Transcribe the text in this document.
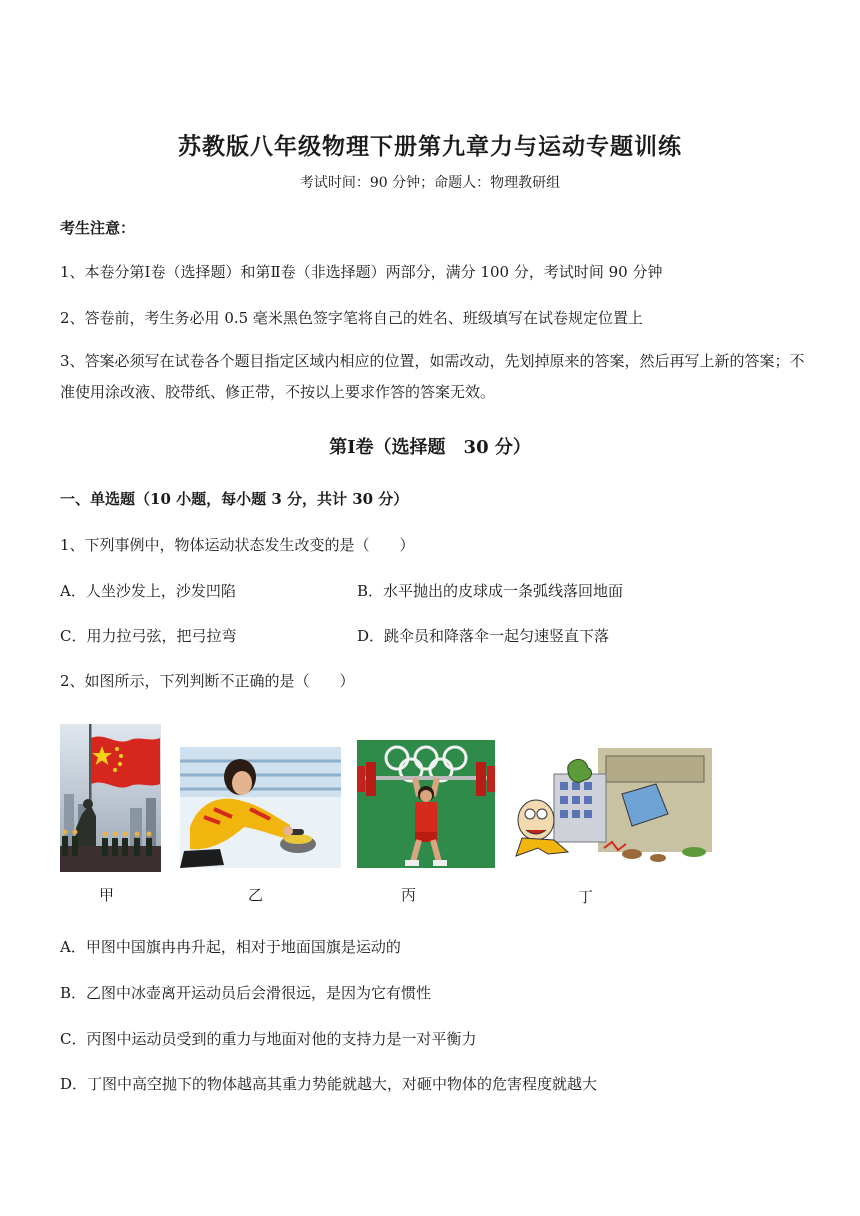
苏教版八年级物理下册第九章力与运动专题训练
考试时间：90 分钟；命题人：物理教研组
考生注意：
1、本卷分第Ⅰ卷（选择题）和第Ⅱ卷（非选择题）两部分，满分 100 分，考试时间 90 分钟
2、答卷前，考生务必用 0.5 毫米黑色签字笔将自己的姓名、班级填写在试卷规定位置上
3、答案必须写在试卷各个题目指定区域内相应的位置，如需改动，先划掉原来的答案，然后再写上新的答案；不准使用涂改液、胶带纸、修正带，不按以上要求作答的答案无效。
第Ⅰ卷（选择题　30 分）
一、单选题（10 小题，每小题 3 分，共计 30 分）
1、下列事例中，物体运动状态发生改变的是（　　）
A．人坐沙发上，沙发凹陷	B．水平抛出的皮球成一条弧线落回地面
C．用力拉弓弦，把弓拉弯	D．跳伞员和降落伞一起匀速竖直下落
2、如图所示，下列判断不正确的是（　　）
甲	乙	丙	丁
A．甲图中国旗冉冉升起，相对于地面国旗是运动的
B．乙图中冰壶离开运动员后会滑很远，是因为它有惯性
C．丙图中运动员受到的重力与地面对他的支持力是一对平衡力
D．丁图中高空抛下的物体越高其重力势能就越大，对砸中物体的危害程度就越大
